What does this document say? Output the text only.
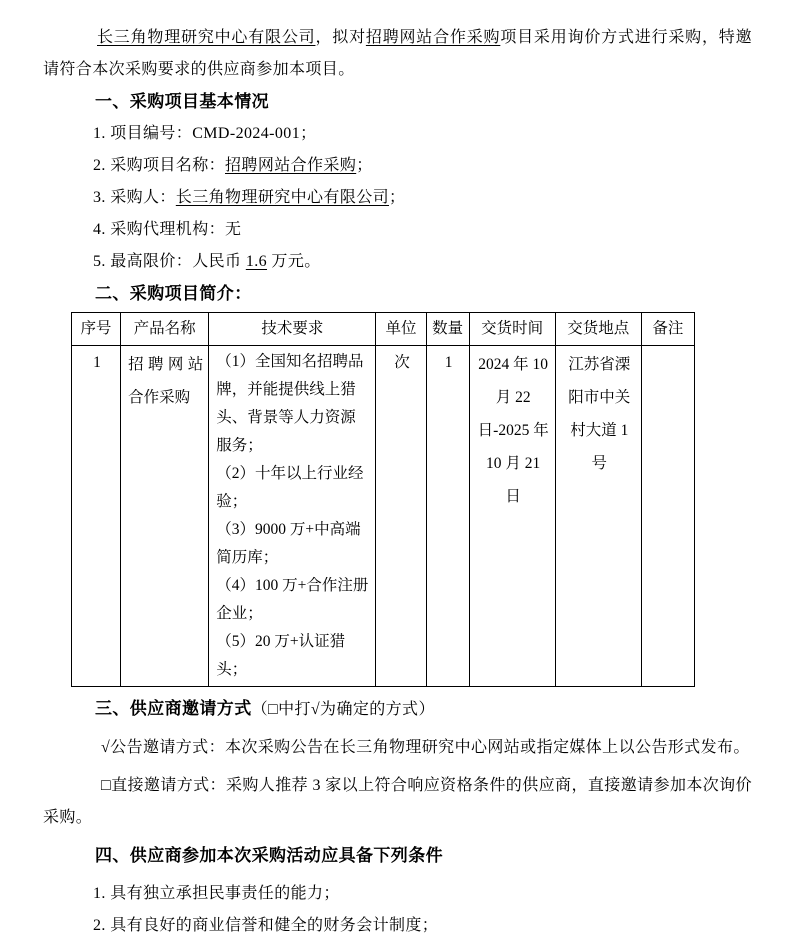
长三角物理研究中心有限公司，拟对招聘网站合作采购项目采用询价方式进行采购，特邀请符合本次采购要求的供应商参加本项目。

一、采购项目基本情况
1. 项目编号：CMD-2024-001；
2. 采购项目名称：招聘网站合作采购；
3. 采购人：长三角物理研究中心有限公司；
4. 采购代理机构：无
5. 最高限价：人民币 1.6 万元。
二、采购项目简介：
序号	产品名称	技术要求	单位	数量	交货时间	交货地点	备注
1	招聘网站合作采购	（1）全国知名招聘品牌，并能提供线上猎头、背景等人力资源服务；
（2）十年以上行业经验；
（3）9000 万+中高端简历库；
（4）100 万+合作注册企业；
（5）20 万+认证猎头；	次	1	2024 年 10 月 22 日-2025 年 10 月 21 日	江苏省溧阳市中关村大道 1 号	
三、供应商邀请方式（□中打√为确定的方式）

√公告邀请方式：本次采购公告在长三角物理研究中心网站或指定媒体上以公告形式发布。

□直接邀请方式：采购人推荐 3 家以上符合响应资格条件的供应商，直接邀请参加本次询价采购。

四、供应商参加本次采购活动应具备下列条件
1. 具有独立承担民事责任的能力；
2. 具有良好的商业信誉和健全的财务会计制度；
